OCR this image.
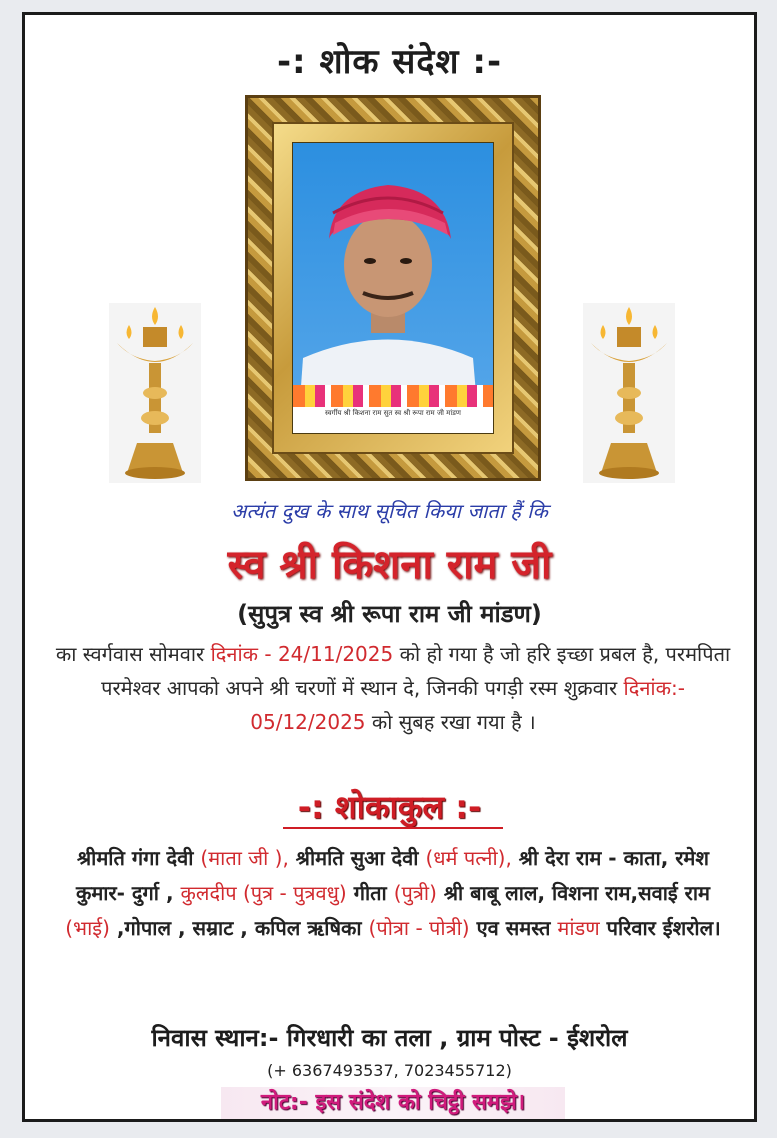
-: शोक संदेश :-
स्वर्गीय श्री किशना राम सुत स्व श्री रूपा राम जी मांडण
अत्यंत दुख के साथ सूचित किया जाता हैं कि
स्व श्री किशना राम जी
(सुपुत्र स्व श्री रूपा राम जी मांडण)
का स्वर्गवास सोमवार दिनांक - 24/11/2025 को हो गया है जो हरि इच्छा प्रबल है, परमपिता परमेश्वर आपको अपने श्री चरणों में स्थान दे, जिनकी पगड़ी रस्म शुक्रवार दिनांक:- 05/12/2025 को सुबह रखा गया है ।
-: शोकाकुल :-
श्रीमति गंगा देवी (माता जी ), श्रीमति सुआ देवी (धर्म पत्नी), श्री देरा राम - काता, रमेश कुमार- दुर्गा , कुलदीप (पुत्र - पुत्रवधु) गीता (पुत्री) श्री बाबू लाल, विशना राम,सवाई राम (भाई) ,गोपाल , सम्राट , कपिल ऋषिका (पोत्रा - पोत्री) एव समस्त मांडण परिवार ईशरोल।
निवास स्थान:- गिरधारी का तला , ग्राम पोस्ट - ईशरोल
(+ 6367493537, 7023455712)
नोट:- इस संदेश को चिट्ठी समझे।
